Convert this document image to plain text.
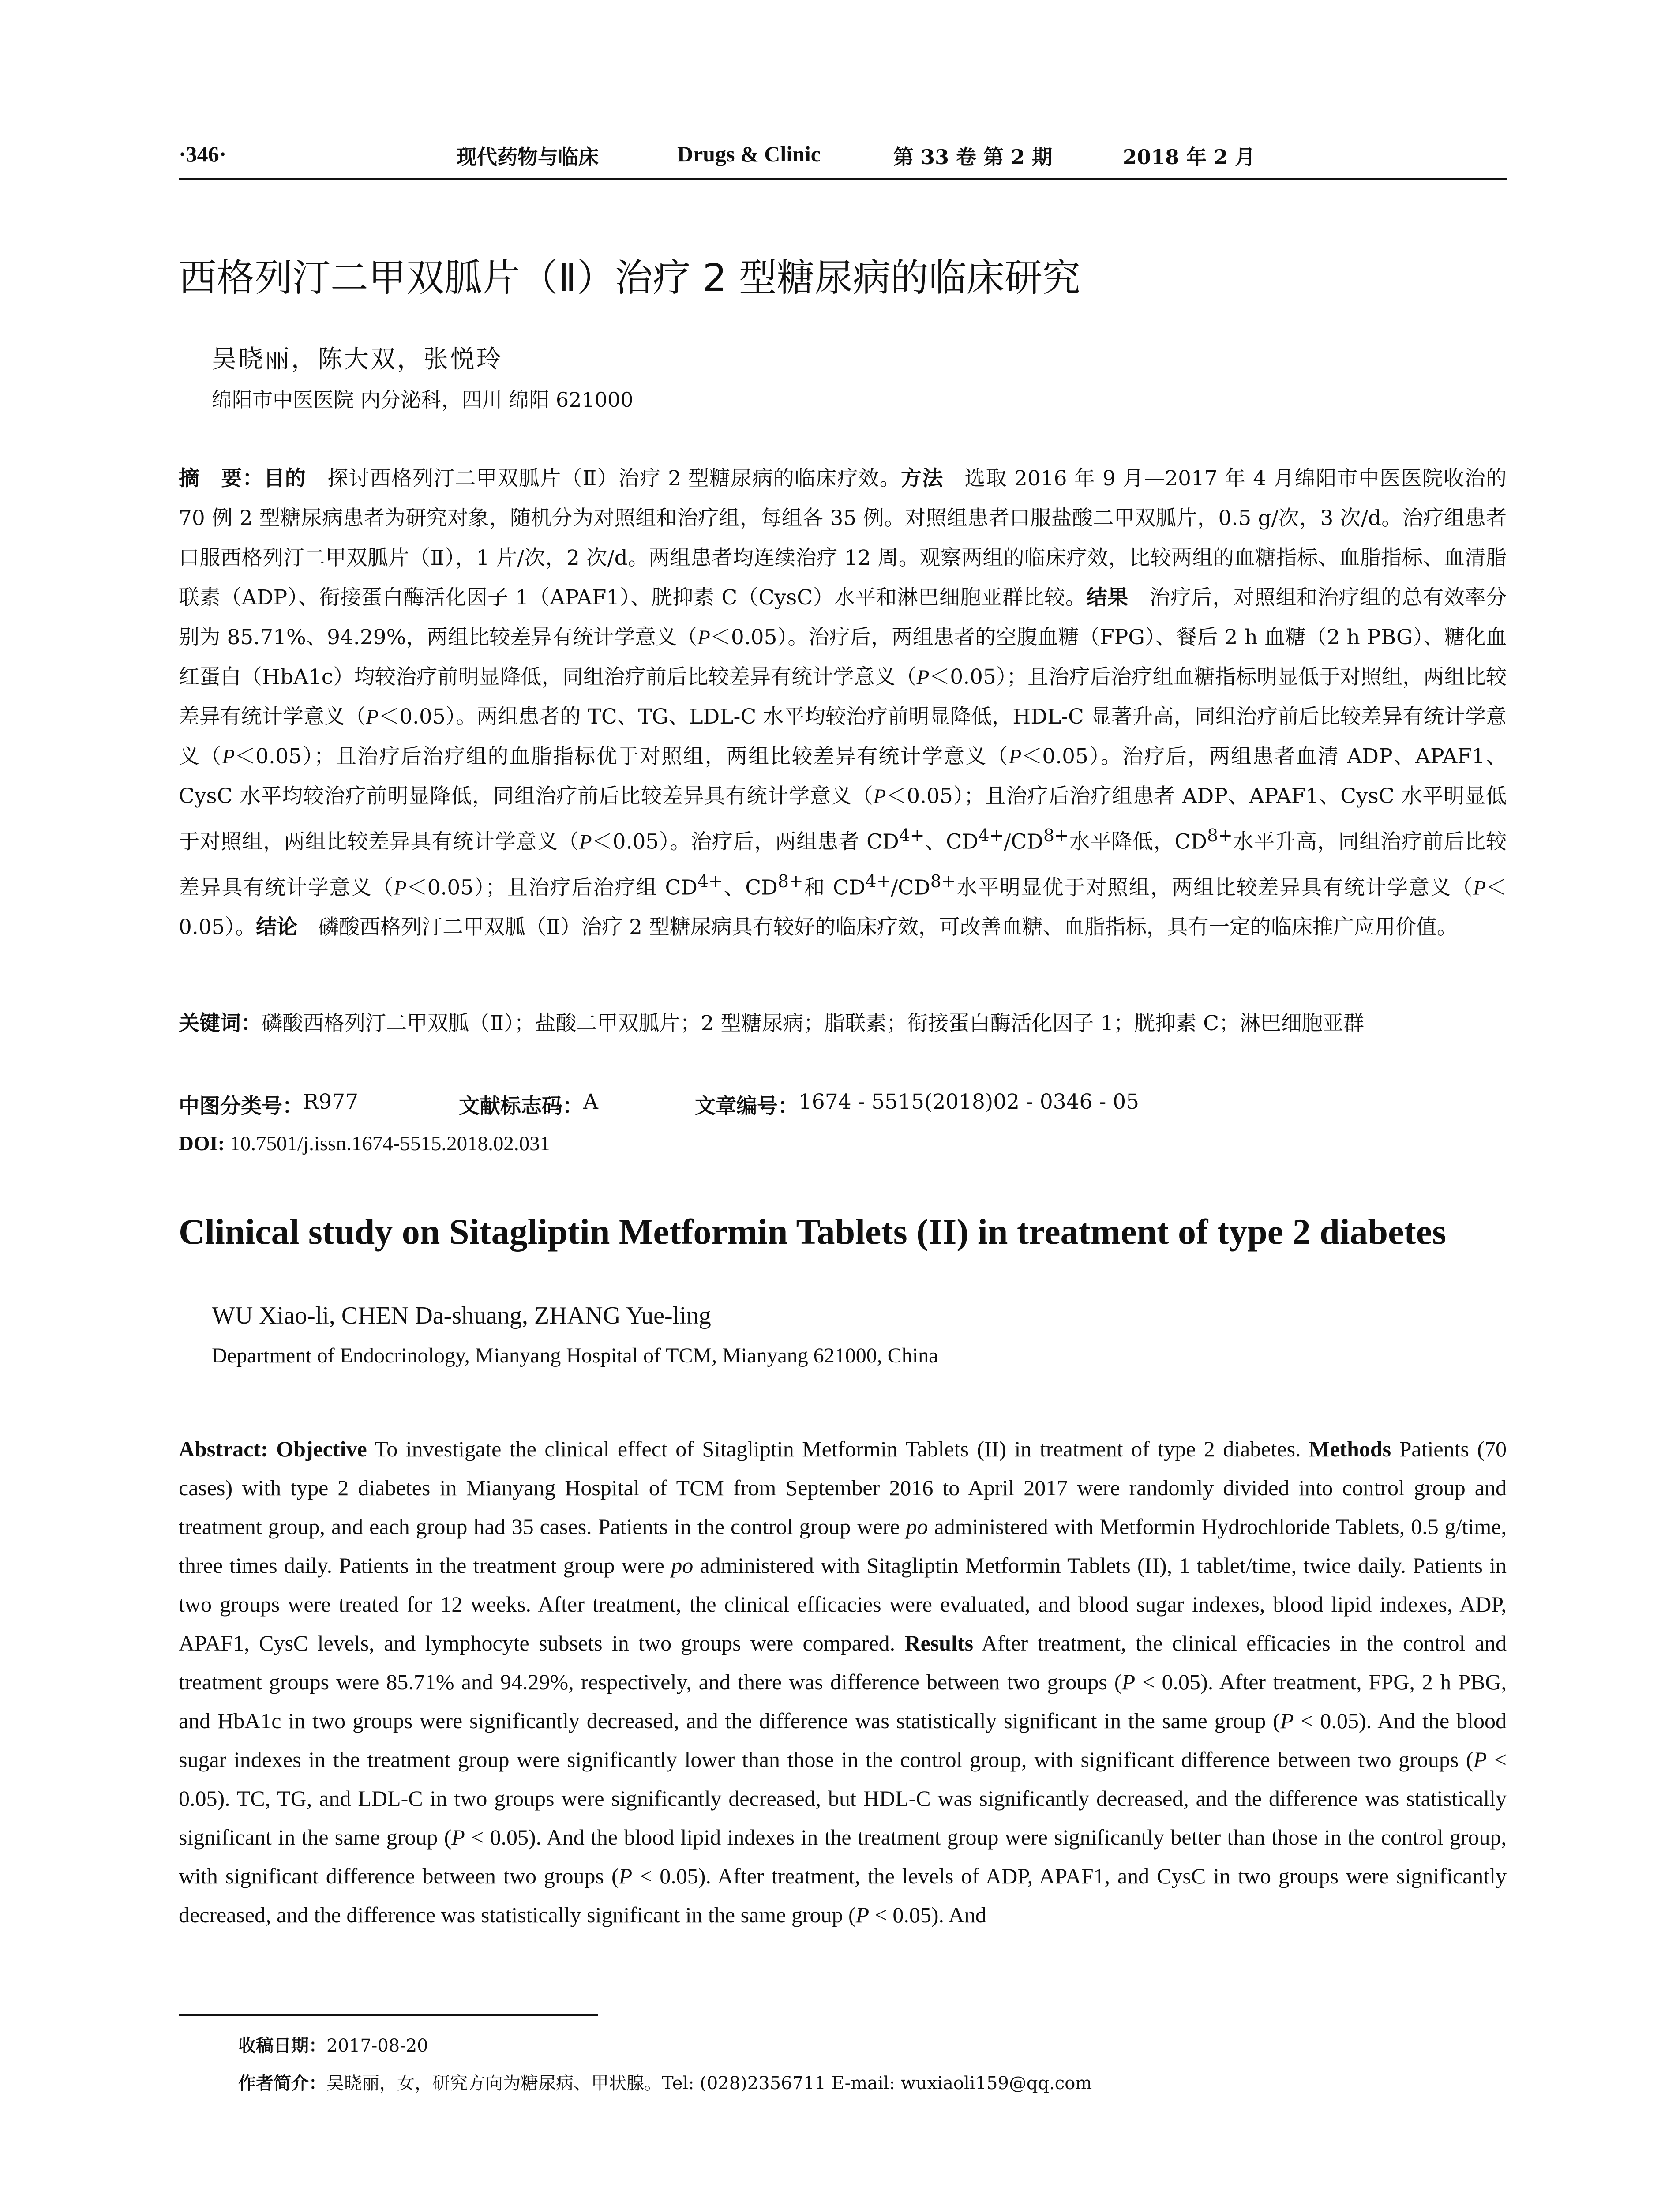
·346·	现代药物与临床	Drugs & Clinic	第 33 卷 第 2 期	2018 年 2 月
西格列汀二甲双胍片（Ⅱ）治疗 2 型糖尿病的临床研究
吴晓丽，陈大双，张悦玲
绵阳市中医医院 内分泌科，四川 绵阳 621000
摘　要：目的　探讨西格列汀二甲双胍片（Ⅱ）治疗 2 型糖尿病的临床疗效。方法　选取 2016 年 9 月—2017 年 4 月绵阳市中医医院收治的 70 例 2 型糖尿病患者为研究对象，随机分为对照组和治疗组，每组各 35 例。对照组患者口服盐酸二甲双胍片，0.5 g/次，3 次/d。治疗组患者口服西格列汀二甲双胍片（Ⅱ），1 片/次，2 次/d。两组患者均连续治疗 12 周。观察两组的临床疗效，比较两组的血糖指标、血脂指标、血清脂联素（ADP）、衔接蛋白酶活化因子 1（APAF1）、胱抑素 C（CysC）水平和淋巴细胞亚群比较。结果　治疗后，对照组和治疗组的总有效率分别为 85.71%、94.29%，两组比较差异有统计学意义（P＜0.05）。治疗后，两组患者的空腹血糖（FPG）、餐后 2 h 血糖（2 h PBG）、糖化血红蛋白（HbA1c）均较治疗前明显降低，同组治疗前后比较差异有统计学意义（P＜0.05）；且治疗后治疗组血糖指标明显低于对照组，两组比较差异有统计学意义（P＜0.05）。两组患者的 TC、TG、LDL-C 水平均较治疗前明显降低，HDL-C 显著升高，同组治疗前后比较差异有统计学意义（P＜0.05）；且治疗后治疗组的血脂指标优于对照组，两组比较差异有统计学意义（P＜0.05）。治疗后，两组患者血清 ADP、APAF1、CysC 水平均较治疗前明显降低，同组治疗前后比较差异具有统计学意义（P＜0.05）；且治疗后治疗组患者 ADP、APAF1、CysC 水平明显低于对照组，两组比较差异具有统计学意义（P＜0.05）。治疗后，两组患者 $CD^{4+}$、$CD^{4+}/CD^{8+}$水平降低，$CD^{8+}$水平升高，同组治疗前后比较差异具有统计学意义（P＜0.05）；且治疗后治疗组 $CD^{4+}$、$CD^{8+}$和 $CD^{4+}/CD^{8+}$水平明显优于对照组，两组比较差异具有统计学意义（P＜0.05）。结论　磷酸西格列汀二甲双胍（Ⅱ）治疗 2 型糖尿病具有较好的临床疗效，可改善血糖、血脂指标，具有一定的临床推广应用价值。
关键词：磷酸西格列汀二甲双胍（Ⅱ）；盐酸二甲双胍片；2 型糖尿病；脂联素；衔接蛋白酶活化因子 1；胱抑素 C；淋巴细胞亚群
中图分类号： R977	文献标志码： A	文章编号： 1674 - 5515(2018)02 - 0346 - 05
DOI: 10.7501/j.issn.1674-5515.2018.02.031
Clinical study on Sitagliptin Metformin Tablets (II) in treatment of type 2 diabetes
WU Xiao-li, CHEN Da-shuang, ZHANG Yue-ling
Department of Endocrinology, Mianyang Hospital of TCM, Mianyang 621000, China
Abstract: Objective To investigate the clinical effect of Sitagliptin Metformin Tablets (II) in treatment of type 2 diabetes. Methods Patients (70 cases) with type 2 diabetes in Mianyang Hospital of TCM from September 2016 to April 2017 were randomly divided into control group and treatment group, and each group had 35 cases. Patients in the control group were po administered with Metformin Hydrochloride Tablets, 0.5 g/time, three times daily. Patients in the treatment group were po administered with Sitagliptin Metformin Tablets (II), 1 tablet/time, twice daily. Patients in two groups were treated for 12 weeks. After treatment, the clinical efficacies were evaluated, and blood sugar indexes, blood lipid indexes, ADP, APAF1, CysC levels, and lymphocyte subsets in two groups were compared. Results After treatment, the clinical efficacies in the control and treatment groups were 85.71% and 94.29%, respectively, and there was difference between two groups (P < 0.05). After treatment, FPG, 2 h PBG, and HbA1c in two groups were significantly decreased, and the difference was statistically significant in the same group (P < 0.05). And the blood sugar indexes in the treatment group were significantly lower than those in the control group, with significant difference between two groups (P < 0.05). TC, TG, and LDL-C in two groups were significantly decreased, but HDL-C was significantly decreased, and the difference was statistically significant in the same group (P < 0.05). And the blood lipid indexes in the treatment group were significantly better than those in the control group, with significant difference between two groups (P < 0.05). After treatment, the levels of ADP, APAF1, and CysC in two groups were significantly decreased, and the difference was statistically significant in the same group (P < 0.05). And
收稿日期：2017-08-20
作者简介：吴晓丽，女，研究方向为糖尿病、甲状腺。Tel: (028)2356711 E-mail: wuxiaoli159@qq.com
